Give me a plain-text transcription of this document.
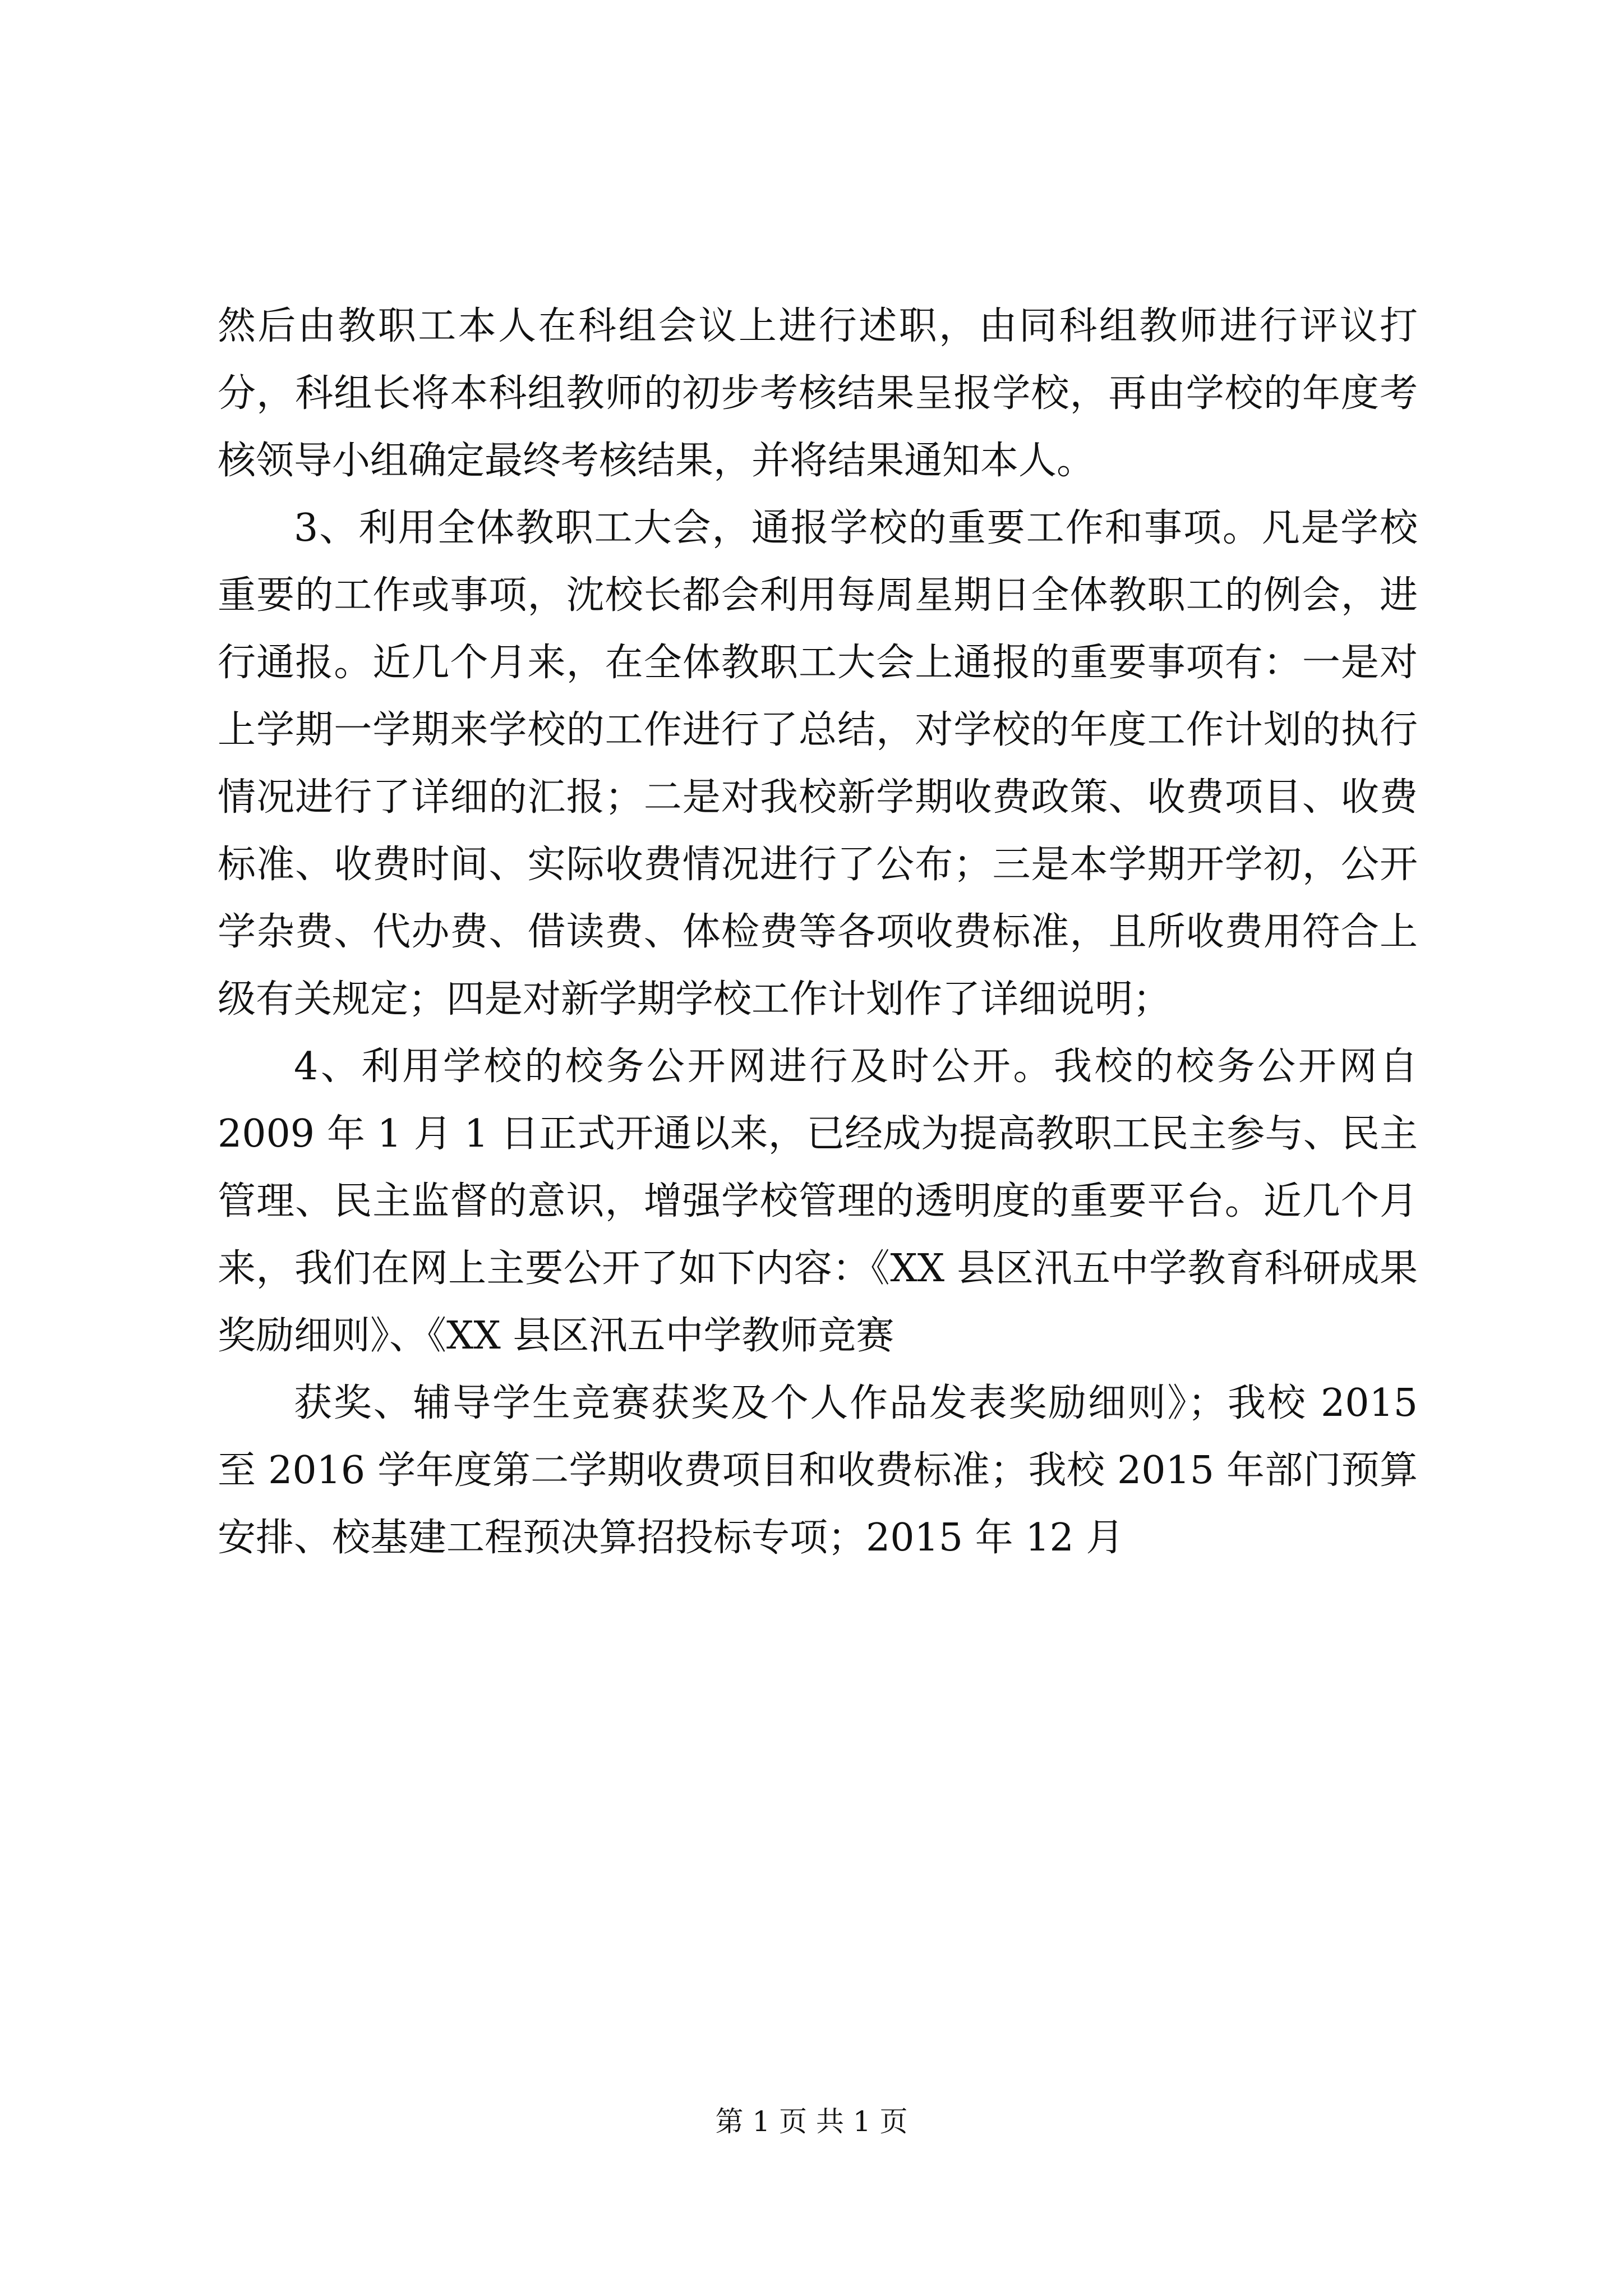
然后由教职工本人在科组会议上进行述职，由同科组教师进行评议打分，科组长将本科组教师的初步考核结果呈报学校，再由学校的年度考核领导小组确定最终考核结果，并将结果通知本人。

3、利用全体教职工大会，通报学校的重要工作和事项。凡是学校重要的工作或事项，沈校长都会利用每周星期日全体教职工的例会，进行通报。近几个月来，在全体教职工大会上通报的重要事项有：一是对上学期一学期来学校的工作进行了总结，对学校的年度工作计划的执行情况进行了详细的汇报；二是对我校新学期收费政策、收费项目、收费标准、收费时间、实际收费情况进行了公布；三是本学期开学初，公开学杂费、代办费、借读费、体检费等各项收费标准，且所收费用符合上级有关规定；四是对新学期学校工作计划作了详细说明；

4、利用学校的校务公开网进行及时公开。我校的校务公开网自 2009 年 1 月 1 日正式开通以来，已经成为提高教职工民主参与、民主管理、民主监督的意识，增强学校管理的透明度的重要平台。近几个月来，我们在网上主要公开了如下内容：《XX 县区汛五中学教育科研成果奖励细则》、《XX 县区汛五中学教师竞赛

获奖、辅导学生竞赛获奖及个人作品发表奖励细则》；我校 2015 至 2016 学年度第二学期收费项目和收费标准；我校 2015 年部门预算安排、校基建工程预决算招投标专项；2015 年 12 月

第 1 页 共 1 页
